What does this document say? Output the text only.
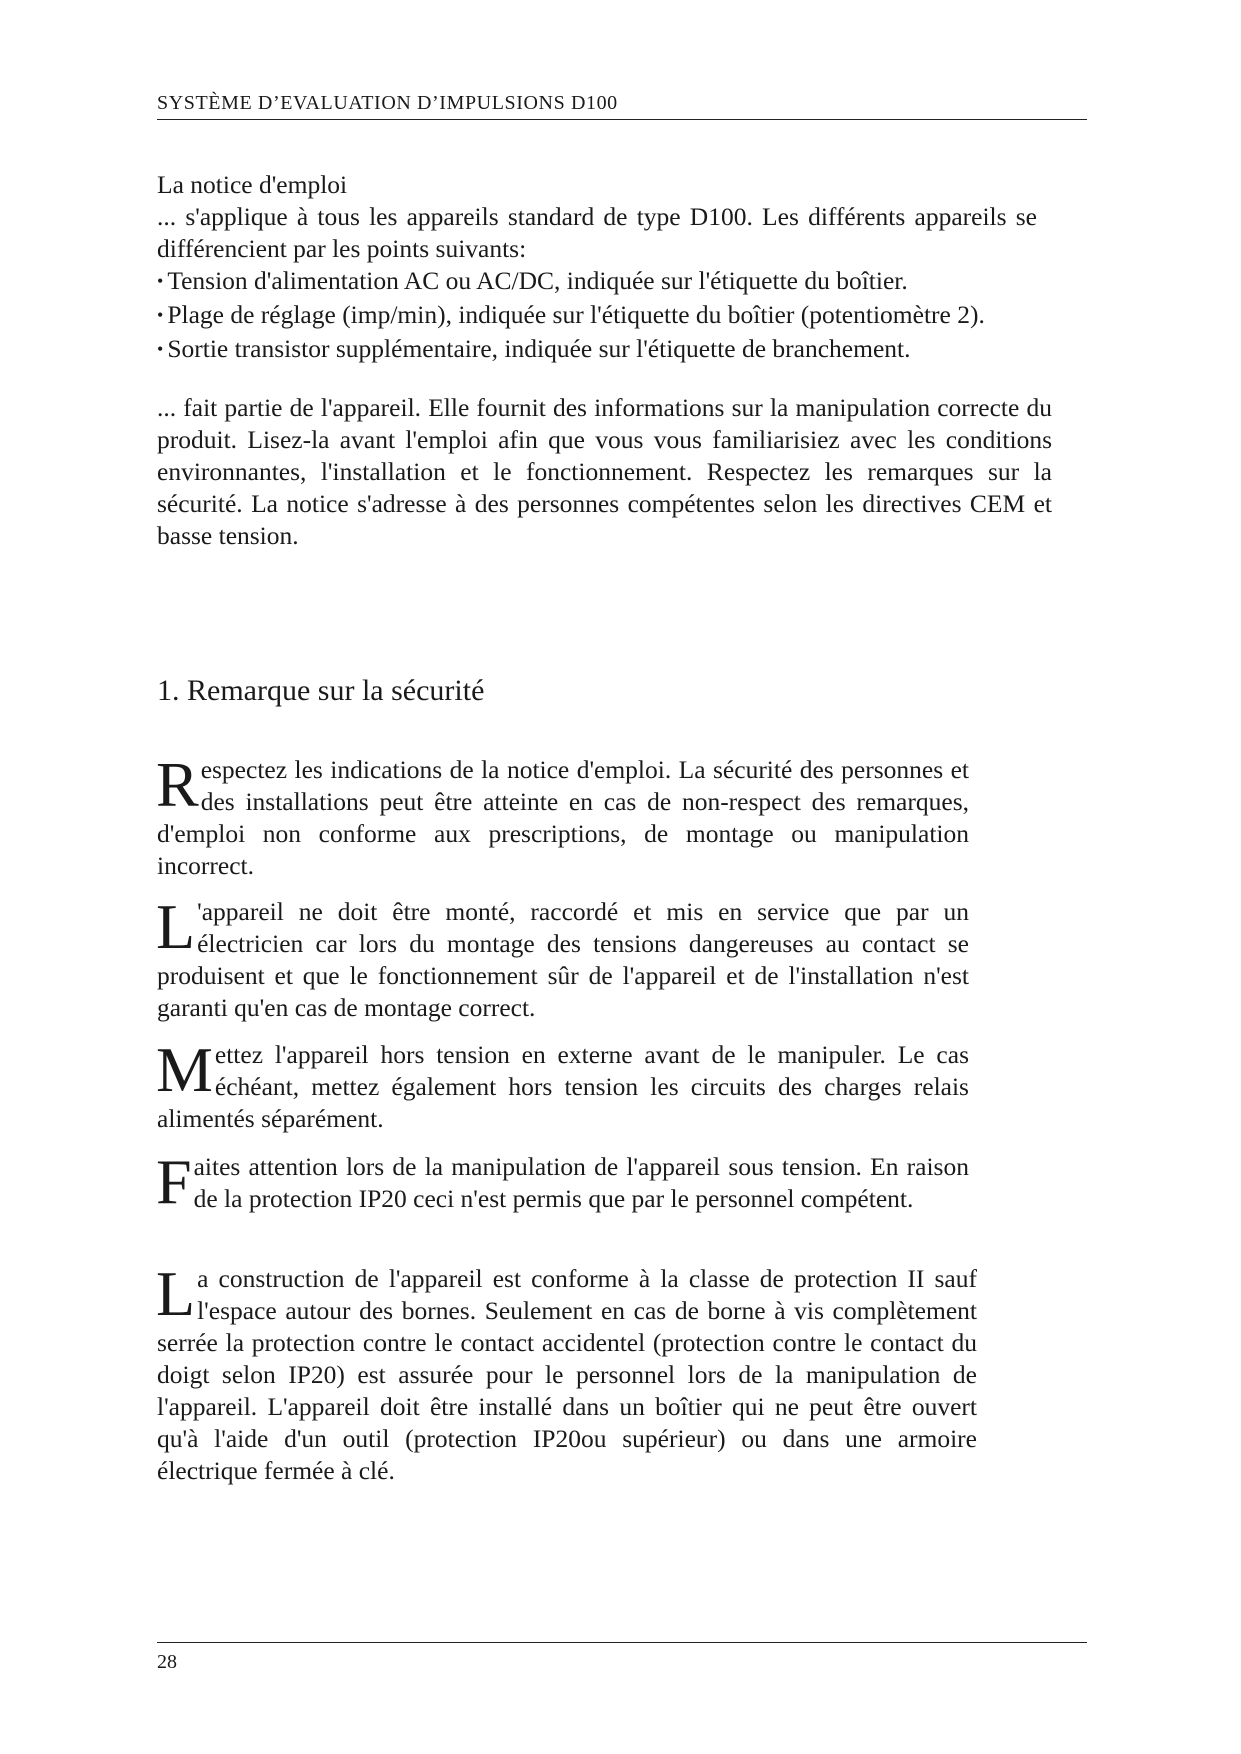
SYSTÈME D’EVALUATION D’IMPULSIONS D100
La notice d'emploi
... s'applique à tous les appareils standard de type D100. Les différents appareils se différencient par les points suivants:
• Tension d'alimentation AC ou AC/DC, indiquée sur l'étiquette du boîtier.
• Plage de réglage (imp/min), indiquée sur l'étiquette du boîtier (potentiomètre 2).
• Sortie transistor supplémentaire, indiquée sur l'étiquette de branchement.
... fait partie de l'appareil. Elle fournit des informations sur la manipulation correcte du produit. Lisez-la avant l'emploi afin que vous vous familiarisiez avec les conditions environnantes, l'installation et le fonctionnement. Respectez les remarques sur la sécurité. La notice s'adresse à des personnes compétentes selon les directives CEM et basse tension.
1. Remarque sur la sécurité

Respectez les indications de la notice d'emploi. La sécurité des personnes et des installations peut être atteinte en cas de non-respect des remarques, d'emploi non conforme aux prescriptions, de montage ou manipulation incorrect.

L 'appareil ne doit être monté, raccordé et mis en service que par un électricien car lors du montage des tensions dangereuses au contact se produisent et que le fonctionnement sûr de l'appareil et de l'installation n'est garanti qu'en cas de montage correct.

Mettez l'appareil hors tension en externe avant de le manipuler. Le cas échéant, mettez également hors tension les circuits des charges relais alimentés séparément.

Faites attention lors de la manipulation de l'appareil sous tension. En raison de la protection IP20 ceci n'est permis que par le personnel compétent.

La construction de l'appareil est conforme à la classe de protection II sauf l'espace autour des bornes. Seulement en cas de borne à vis complètement serrée la protection contre le contact accidentel (protection contre le contact du doigt selon IP20) est assurée pour le personnel lors de la manipulation de l'appareil. L'appareil doit être installé dans un boîtier qui ne peut être ouvert qu'à l'aide d'un outil (protection IP20ou supérieur) ou dans une armoire électrique fermée à clé.

28
